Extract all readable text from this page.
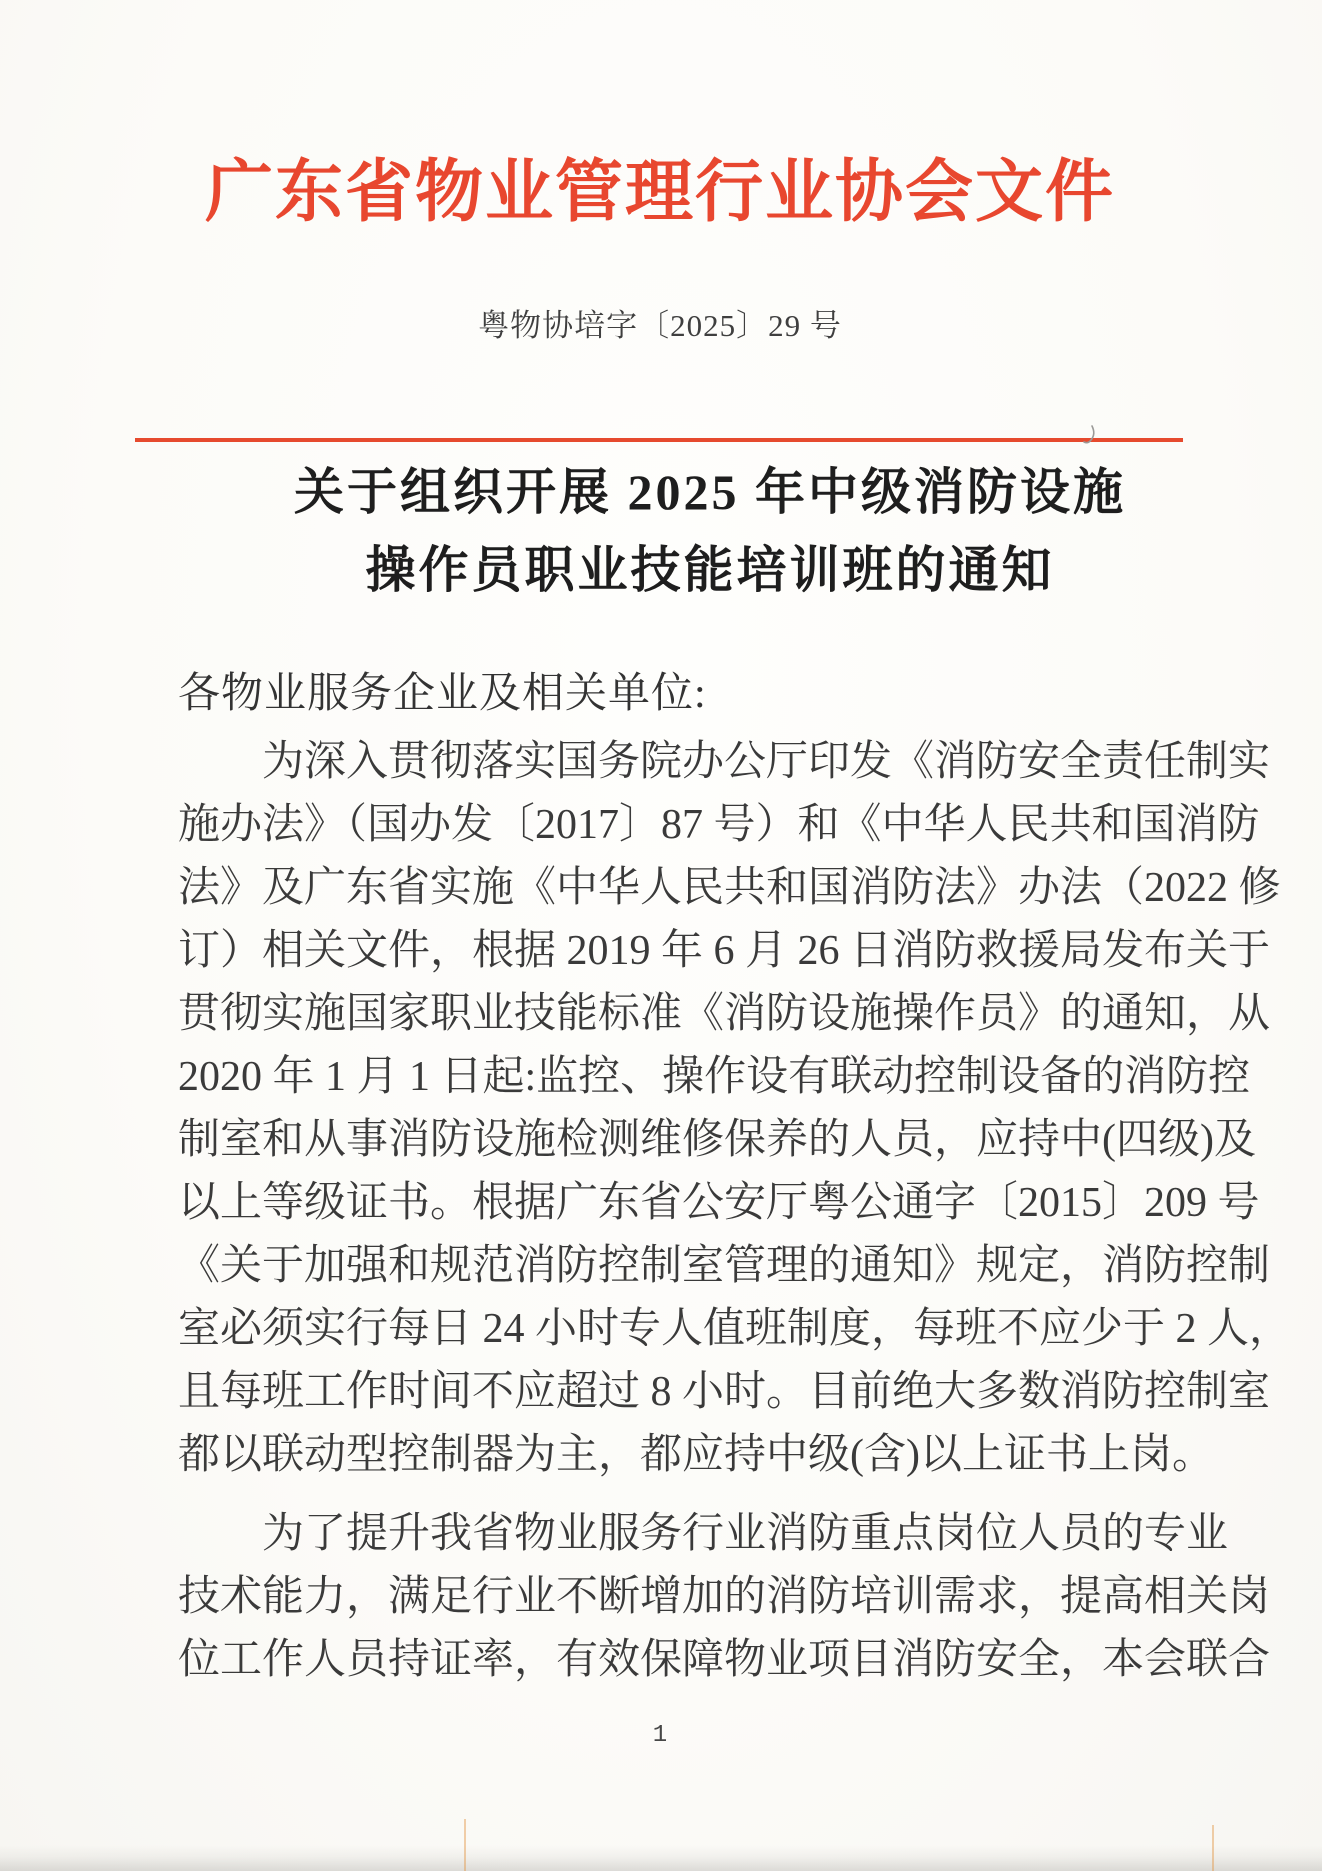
广东省物业管理行业协会文件
粤物协培字〔2025〕29 号
关于组织开展 2025 年中级消防设施
操作员职业技能培训班的通知
各物业服务企业及相关单位:
为深入贯彻落实国务院办公厅印发《消防安全责任制实
施办法》（国办发〔2017〕87 号）和《中华人民共和国消防
法》及广东省实施《中华人民共和国消防法》办法（2022 修
订）相关文件，根据 2019 年 6 月 26 日消防救援局发布关于
贯彻实施国家职业技能标准《消防设施操作员》的通知，从
2020 年 1 月 1 日起:监控、操作设有联动控制设备的消防控
制室和从事消防设施检测维修保养的人员，应持中(四级)及
以上等级证书。根据广东省公安厅粤公通字〔2015〕209 号
《关于加强和规范消防控制室管理的通知》规定，消防控制
室必须实行每日 24 小时专人值班制度，每班不应少于 2 人，
且每班工作时间不应超过 8 小时。目前绝大多数消防控制室
都以联动型控制器为主，都应持中级(含)以上证书上岗。
为了提升我省物业服务行业消防重点岗位人员的专业
技术能力，满足行业不断增加的消防培训需求，提高相关岗
位工作人员持证率，有效保障物业项目消防安全，本会联合
1
